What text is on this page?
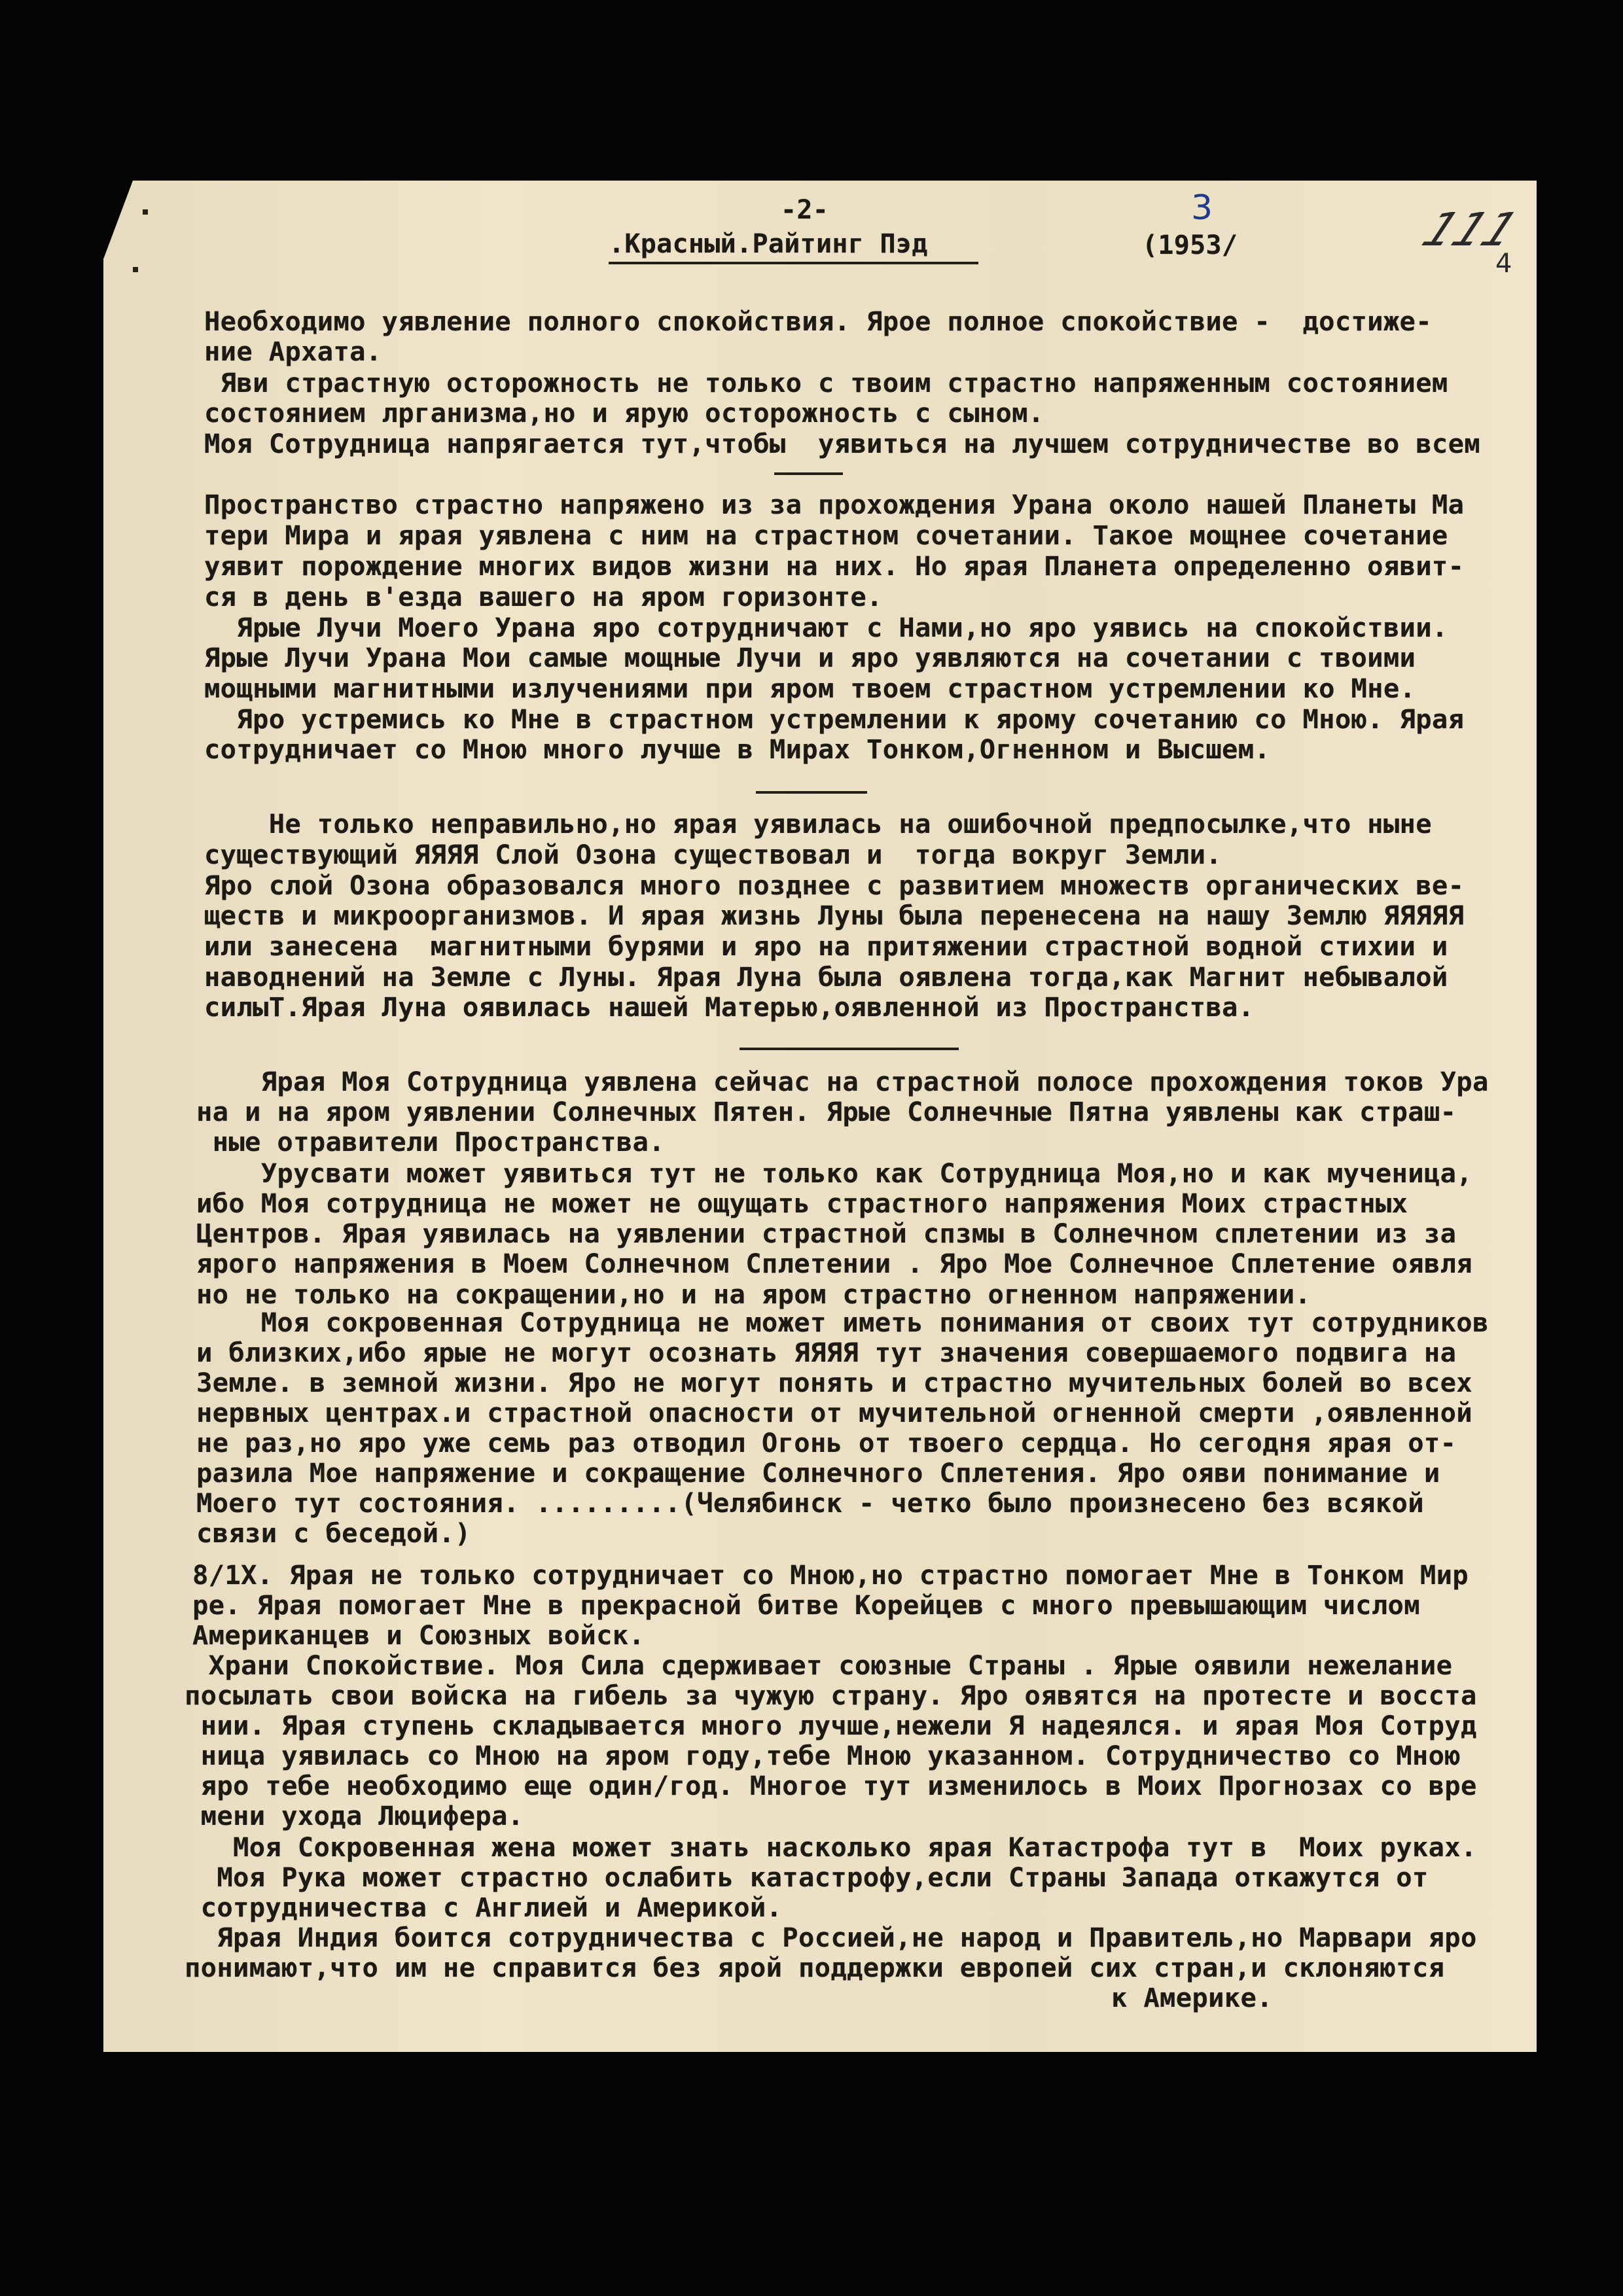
-2-
.Красный.Райтинг Пэд	(1953/
3	111
4
Необходимо уявление полного спокойствия. Ярое полное спокойствие -  достиже-
ние Архата.
Яви страстную осторожность не только с твоим страстно напряженным состоянием
состоянием лрганизма,но и ярую осторожность с сыном.
Моя Сотрудница напрягается тут,чтобы  уявиться на лучшем сотрудничестве во всем
Пространство страстно напряжено из за прохождения Урана около нашей Планеты Ма
тери Мира и ярая уявлена с ним на страстном сочетании. Такое мощнее сочетание
уявит порождение многих видов жизни на них. Но ярая Планета определенно оявит-
ся в день в'езда вашего на яром горизонте.
Ярые Лучи Моего Урана яро сотрудничают с Нами,но яро уявись на спокойствии.
Ярые Лучи Урана Мои самые мощные Лучи и яро уявляются на сочетании с твоими
мощными магнитными излучениями при яром твоем страстном устремлении ко Мне.
Яро устремись ко Мне в страстном устремлении к ярому сочетанию со Мною. Ярая
сотрудничает со Мною много лучше в Мирах Тонком,Огненном и Высшем.
Не только неправильно,но ярая уявилась на ошибочной предпосылке,что ныне
существующий ЯЯЯЯ Слой Озона существовал и  тогда вокруг Земли.
Яро слой Озона образовался много позднее с развитием множеств органических ве-
ществ и микроорганизмов. И ярая жизнь Луны была перенесена на нашу Землю ЯЯЯЯЯ
или занесена  магнитными бурями и яро на притяжении страстной водной стихии и
наводнений на Земле с Луны. Ярая Луна была оявлена тогда,как Магнит небывалой
силыТ.Ярая Луна оявилась нашей Матерью,оявленной из Пространства.
Ярая Моя Сотрудница уявлена сейчас на страстной полосе прохождения токов Ура
на и на яром уявлении Солнечных Пятен. Ярые Солнечные Пятна уявлены как страш-
ные отравители Пространства.
Урусвати может уявиться тут не только как Сотрудница Моя,но и как мученица,
ибо Моя сотрудница не может не ощущать страстного напряжения Моих страстных
Центров. Ярая уявилась на уявлении страстной спзмы в Солнечном сплетении из за
ярого напряжения в Моем Солнечном Сплетении . Яро Мое Солнечное Сплетение оявля
но не только на сокращении,но и на яром страстно огненном напряжении.
Моя сокровенная Сотрудница не может иметь понимания от своих тут сотрудников
и близких,ибо ярые не могут осознать ЯЯЯЯ тут значения совершаемого подвига на
Земле. в земной жизни. Яро не могут понять и страстно мучительных болей во всех
нервных центрах.и страстной опасности от мучительной огненной смерти ,оявленной
не раз,но яро уже семь раз отводил Огонь от твоего сердца. Но сегодня ярая от-
разила Мое напряжение и сокращение Солнечного Сплетения. Яро ояви понимание и
Моего тут состояния. .........(Челябинск - четко было произнесено без всякой
связи с беседой.)
8/1Х. Ярая не только сотрудничает со Мною,но страстно помогает Мне в Тонком Мир
ре. Ярая помогает Мне в прекрасной битве Корейцев с много превышающим числом
Американцев и Союзных войск.
Храни Спокойствие. Моя Сила сдерживает союзные Страны . Ярые оявили нежелание
посылать свои войска на гибель за чужую страну. Яро оявятся на протесте и восста
нии. Ярая ступень складывается много лучше,нежели Я надеялся. и ярая Моя Сотруд
ница уявилась со Мною на яром году,тебе Мною указанном. Сотрудничество со Мною
яро тебе необходимо еще один/год. Многое тут изменилось в Моих Прогнозах со вре
мени ухода Люцифера.
Моя Сокровенная жена может знать насколько ярая Катастрофа тут в  Моих руках.
Моя Рука может страстно ослабить катастрофу,если Страны Запада откажутся от
сотрудничества с Англией и Америкой.
Ярая Индия боится сотрудничества с Россией,не народ и Правитель,но Марвари яро
понимают,что им не справится без ярой поддержки европей сих стран,и склоняются
к Америке.
